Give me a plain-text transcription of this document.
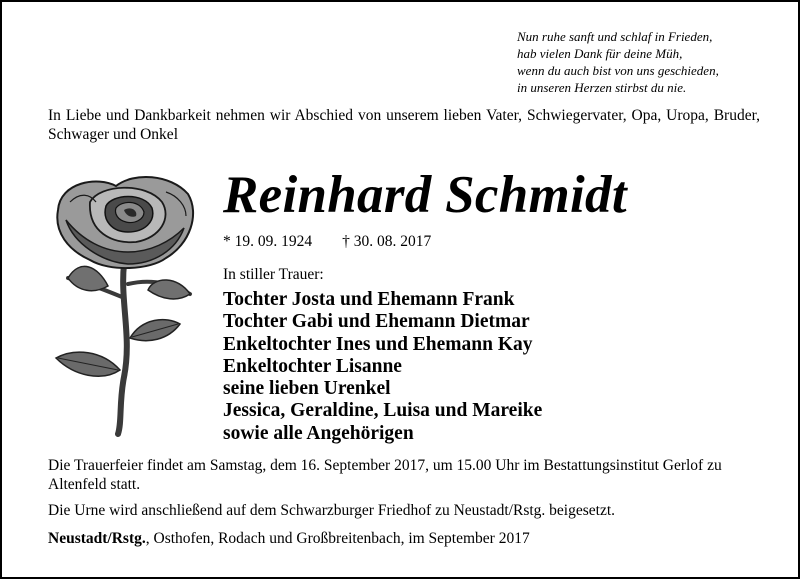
Nun ruhe sanft und schlaf in Frieden,
hab vielen Dank für deine Müh,
wenn du auch bist von uns geschieden,
in unseren Herzen stirbst du nie.
In Liebe und Dankbarkeit nehmen wir Abschied von unserem lieben Vater, Schwiegervater, Opa, Uropa, Bruder, Schwager und Onkel
Reinhard Schmidt
* 19. 09. 1924 † 30. 08. 2017
In stiller Trauer:
Tochter Josta und Ehemann Frank
Tochter Gabi und Ehemann Dietmar
Enkeltochter Ines und Ehemann Kay
Enkeltochter Lisanne
seine lieben Urenkel
Jessica, Geraldine, Luisa und Mareike
sowie alle Angehörigen
Die Trauerfeier findet am Samstag, dem 16. September 2017, um 15.00 Uhr im Bestattungsinstitut Gerlof zu Altenfeld statt.
Die Urne wird anschließend auf dem Schwarzburger Friedhof zu Neustadt/Rstg. beigesetzt.
Neustadt/Rstg., Osthofen, Rodach und Großbreitenbach, im September 2017
